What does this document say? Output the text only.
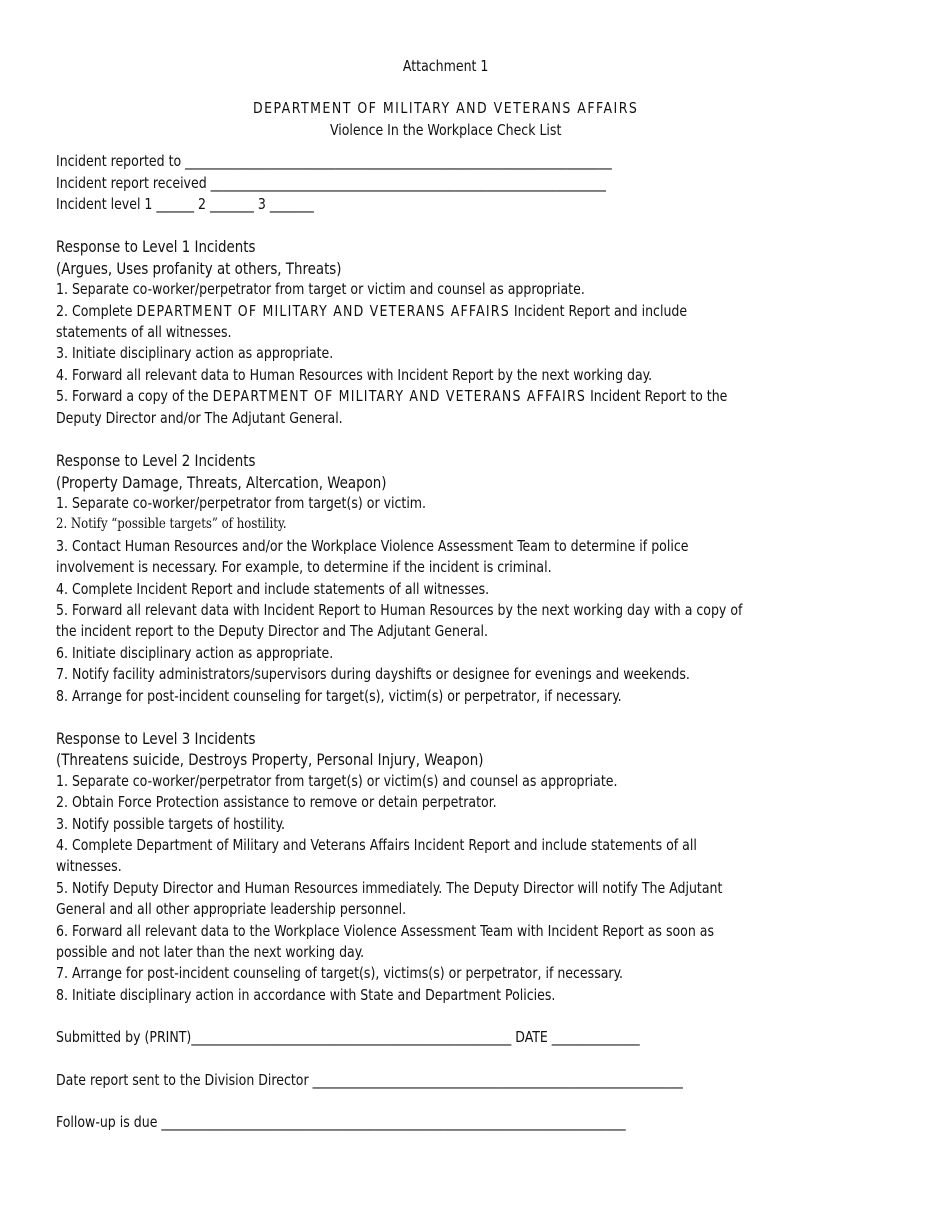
Attachment 1

DEPARTMENT OF MILITARY AND VETERANS AFFAIRS

Violence In the Workplace Check List

Incident reported to ____________________________________________________________________

Incident report received _______________________________________________________________

Incident level 1 ______ 2 _______ 3 _______

Response to Level 1 Incidents

(Argues, Uses profanity at others, Threats)

1. Separate co-worker/perpetrator from target or victim and counsel as appropriate.

2. Complete DEPARTMENT OF MILITARY AND VETERANS AFFAIRS Incident Report and include

statements of all witnesses.

3. Initiate disciplinary action as appropriate.

4. Forward all relevant data to Human Resources with Incident Report by the next working day.

5. Forward a copy of the DEPARTMENT OF MILITARY AND VETERANS AFFAIRS Incident Report to the

Deputy Director and/or The Adjutant General.

Response to Level 2 Incidents

(Property Damage, Threats, Altercation, Weapon)

1. Separate co-worker/perpetrator from target(s) or victim.

2. Notify “possible targets” of hostility.

3. Contact Human Resources and/or the Workplace Violence Assessment Team to determine if police

involvement is necessary. For example, to determine if the incident is criminal.

4. Complete Incident Report and include statements of all witnesses.

5. Forward all relevant data with Incident Report to Human Resources by the next working day with a copy of

the incident report to the Deputy Director and The Adjutant General.

6. Initiate disciplinary action as appropriate.

7. Notify facility administrators/supervisors during dayshifts or designee for evenings and weekends.

8. Arrange for post-incident counseling for target(s), victim(s) or perpetrator, if necessary.

Response to Level 3 Incidents

(Threatens suicide, Destroys Property, Personal Injury, Weapon)

1. Separate co-worker/perpetrator from target(s) or victim(s) and counsel as appropriate.

2. Obtain Force Protection assistance to remove or detain perpetrator.

3. Notify possible targets of hostility.

4. Complete Department of Military and Veterans Affairs Incident Report and include statements of all

witnesses.

5. Notify Deputy Director and Human Resources immediately. The Deputy Director will notify The Adjutant

General and all other appropriate leadership personnel.

6. Forward all relevant data to the Workplace Violence Assessment Team with Incident Report as soon as

possible and not later than the next working day.

7. Arrange for post-incident counseling of target(s), victims(s) or perpetrator, if necessary.

8. Initiate disciplinary action in accordance with State and Department Policies.

Submitted by (PRINT)___________________________________________________ DATE ______________

Date report sent to the Division Director ___________________________________________________________

Follow-up is due __________________________________________________________________________
